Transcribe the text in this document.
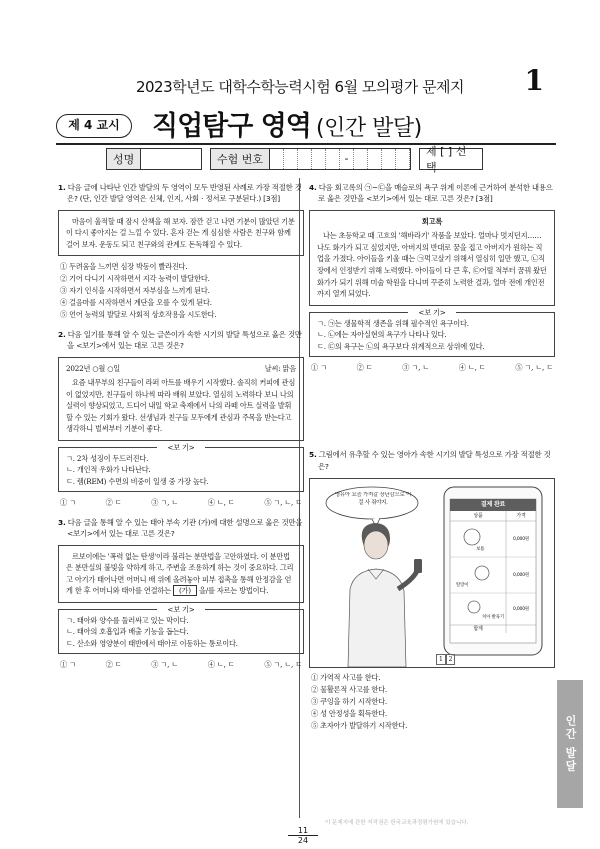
2023학년도 대학수학능력시험 6월 모의평가 문제지	1
제 4 교시	직업탐구 영역 (인간 발달)
성명	수험 번호	-
제 [ ] 선택
1. 다음 글에 나타난 인간 발달의 두 영역이 모두 반영된 사례로 가장 적절한 것은? (단, 인간 발달 영역은 신체, 인지, 사회 · 정서로 구분된다.) [3점]
마음이 울적할 때 잠시 산책을 해 보자. 잠깐 걷고 나면 기분이 많았던 기분이 다시 좋아지는 걸 느낄 수 있다. 혼자 걷는 게 심심한 사람은 친구와 함께 걸어 보자. 운동도 되고 친구와의 관계도 돈독해질 수 있다.
① 두려움을 느끼면 심장 박동이 빨라진다.
② 기어 다니기 시작하면서 지각 능력이 발달한다.
③ 자기 인식을 시작하면서 자부심을 느끼게 된다.
④ 걸음마를 시작하면서 계단을 오를 수 있게 된다.
⑤ 언어 능력의 발달로 사회적 상호작용을 시도한다.
2. 다음 일기를 통해 알 수 있는 글쓴이가 속한 시기의 발달 특성으로 옳은 것만을 <보기>에서 있는 대로 고른 것은?
2022년 ○월 ○일	날씨: 맑음
요즘 내무부의 친구들이 라퍼 아트를 배우기 시작했다. 솔직히 커피에 관심이 없었지만, 친구들이 하나씩 따라 배워 보았다. 열심히 노력하다 보니 나의 실력이 향상되었고, 드디어 내일 학교 축제에서 나의 라떼 아트 실력을 발휘할 수 있는 기회가 왔다. 선생님과 친구들 모두에게 관심과 주목을 받는다고 생각하니 벌써부터 기분이 좋다.
<보 기>
ㄱ. 2차 성징이 두드러진다.
ㄴ. 개인적 우화가 나타난다.
ㄷ. 렘(REM) 수면의 비중이 일생 중 가장 높다.
① ㄱ	② ㄷ	③ ㄱ, ㄴ	④ ㄴ, ㄷ	⑤ ㄱ, ㄴ, ㄷ
3. 다음 글을 통해 알 수 있는 태아 부속 기관 (가)에 대한 설명으로 옳은 것만을 <보기>에서 있는 대로 고른 것은?
르보이에는 '폭력 없는 탄생'이라 불리는 분만법을 고안하였다. 이 분만법은 분만실의 불빛을 약하게 하고, 주변을 조용하게 하는 것이 중요하다. 그리고 아기가 태어나면 어머니 배 위에 올려놓아 피부 접촉을 통해 안정감을 얻게 한 후 어머니와 태아를 연결하는 (가) 을/를 자르는 방법이다.
<보 기>
ㄱ. 태아와 양수를 둘러싸고 있는 막이다.
ㄴ. 태아의 호흡입과 배출 기능을 돕는다.
ㄷ. 산소와 영양분이 태반에서 태아로 이동하는 통로이다.
① ㄱ	② ㄷ	③ ㄱ, ㄴ	④ ㄴ, ㄷ	⑤ ㄱ, ㄴ, ㄷ
4. 다음 회고록의 ㉠~㉢을 매슬로의 욕구 위계 이론에 근거하여 분석한 내용으로 옳은 것만을 <보기>에서 있는 대로 고른 것은? [3점]
회고록
나는 초등학교 때 고흐의 '해바라기' 작품을 보았다. 얼마나 멋지던지…… 나도 화가가 되고 싶었지만, 아버지의 반대로 꿈을 접고 아버지가 원하는 직업을 가졌다. 아이들을 키울 때는 ㉠먹고살기 위해서 열심히 일만 했고, ㉡직장에서 인정받기 위해 노력했다. 아이들이 다 큰 후, ㉢어릴 적부터 꿈꿔 왔던 화가가 되기 위해 미술 학원을 다니며 꾸준히 노력한 결과, 얼마 전에 개인전까지 열게 되었다.
<보 기>
ㄱ. ㉠는 생물학적 생존을 위해 필수적인 욕구이다.
ㄴ. ㉡에는 자아실현의 욕구가 나타나 있다.
ㄷ. ㉢의 욕구는 ㉡의 욕구보다 위계적으로 상위에 있다.
① ㄱ	② ㄷ	③ ㄱ, ㄴ	④ ㄴ, ㄷ	⑤ ㄱ, ㄴ, ㄷ
5. 그림에서 유추할 수 있는 영아가 속한 시기의 발달 특성으로 가장 적절한 것은?
영유아 요즘 가져갈 장난감으로 이걸 사 줘야지.	결제 완료
상품	가격
보틀
0,000원
딸랑이
0,000원
치아 발육기
0,000원
합계
1	2
① 가역적 사고를 한다.
② 물활론적 사고를 한다.
③ 쿠잉을 하기 시작한다.
④ 성 안정성을 획득한다.
⑤ 초자아가 발달하기 시작한다.	인간 발달
11
24
이 문제지에 관한 저작권은 한국교육과정평가원에 있습니다.
